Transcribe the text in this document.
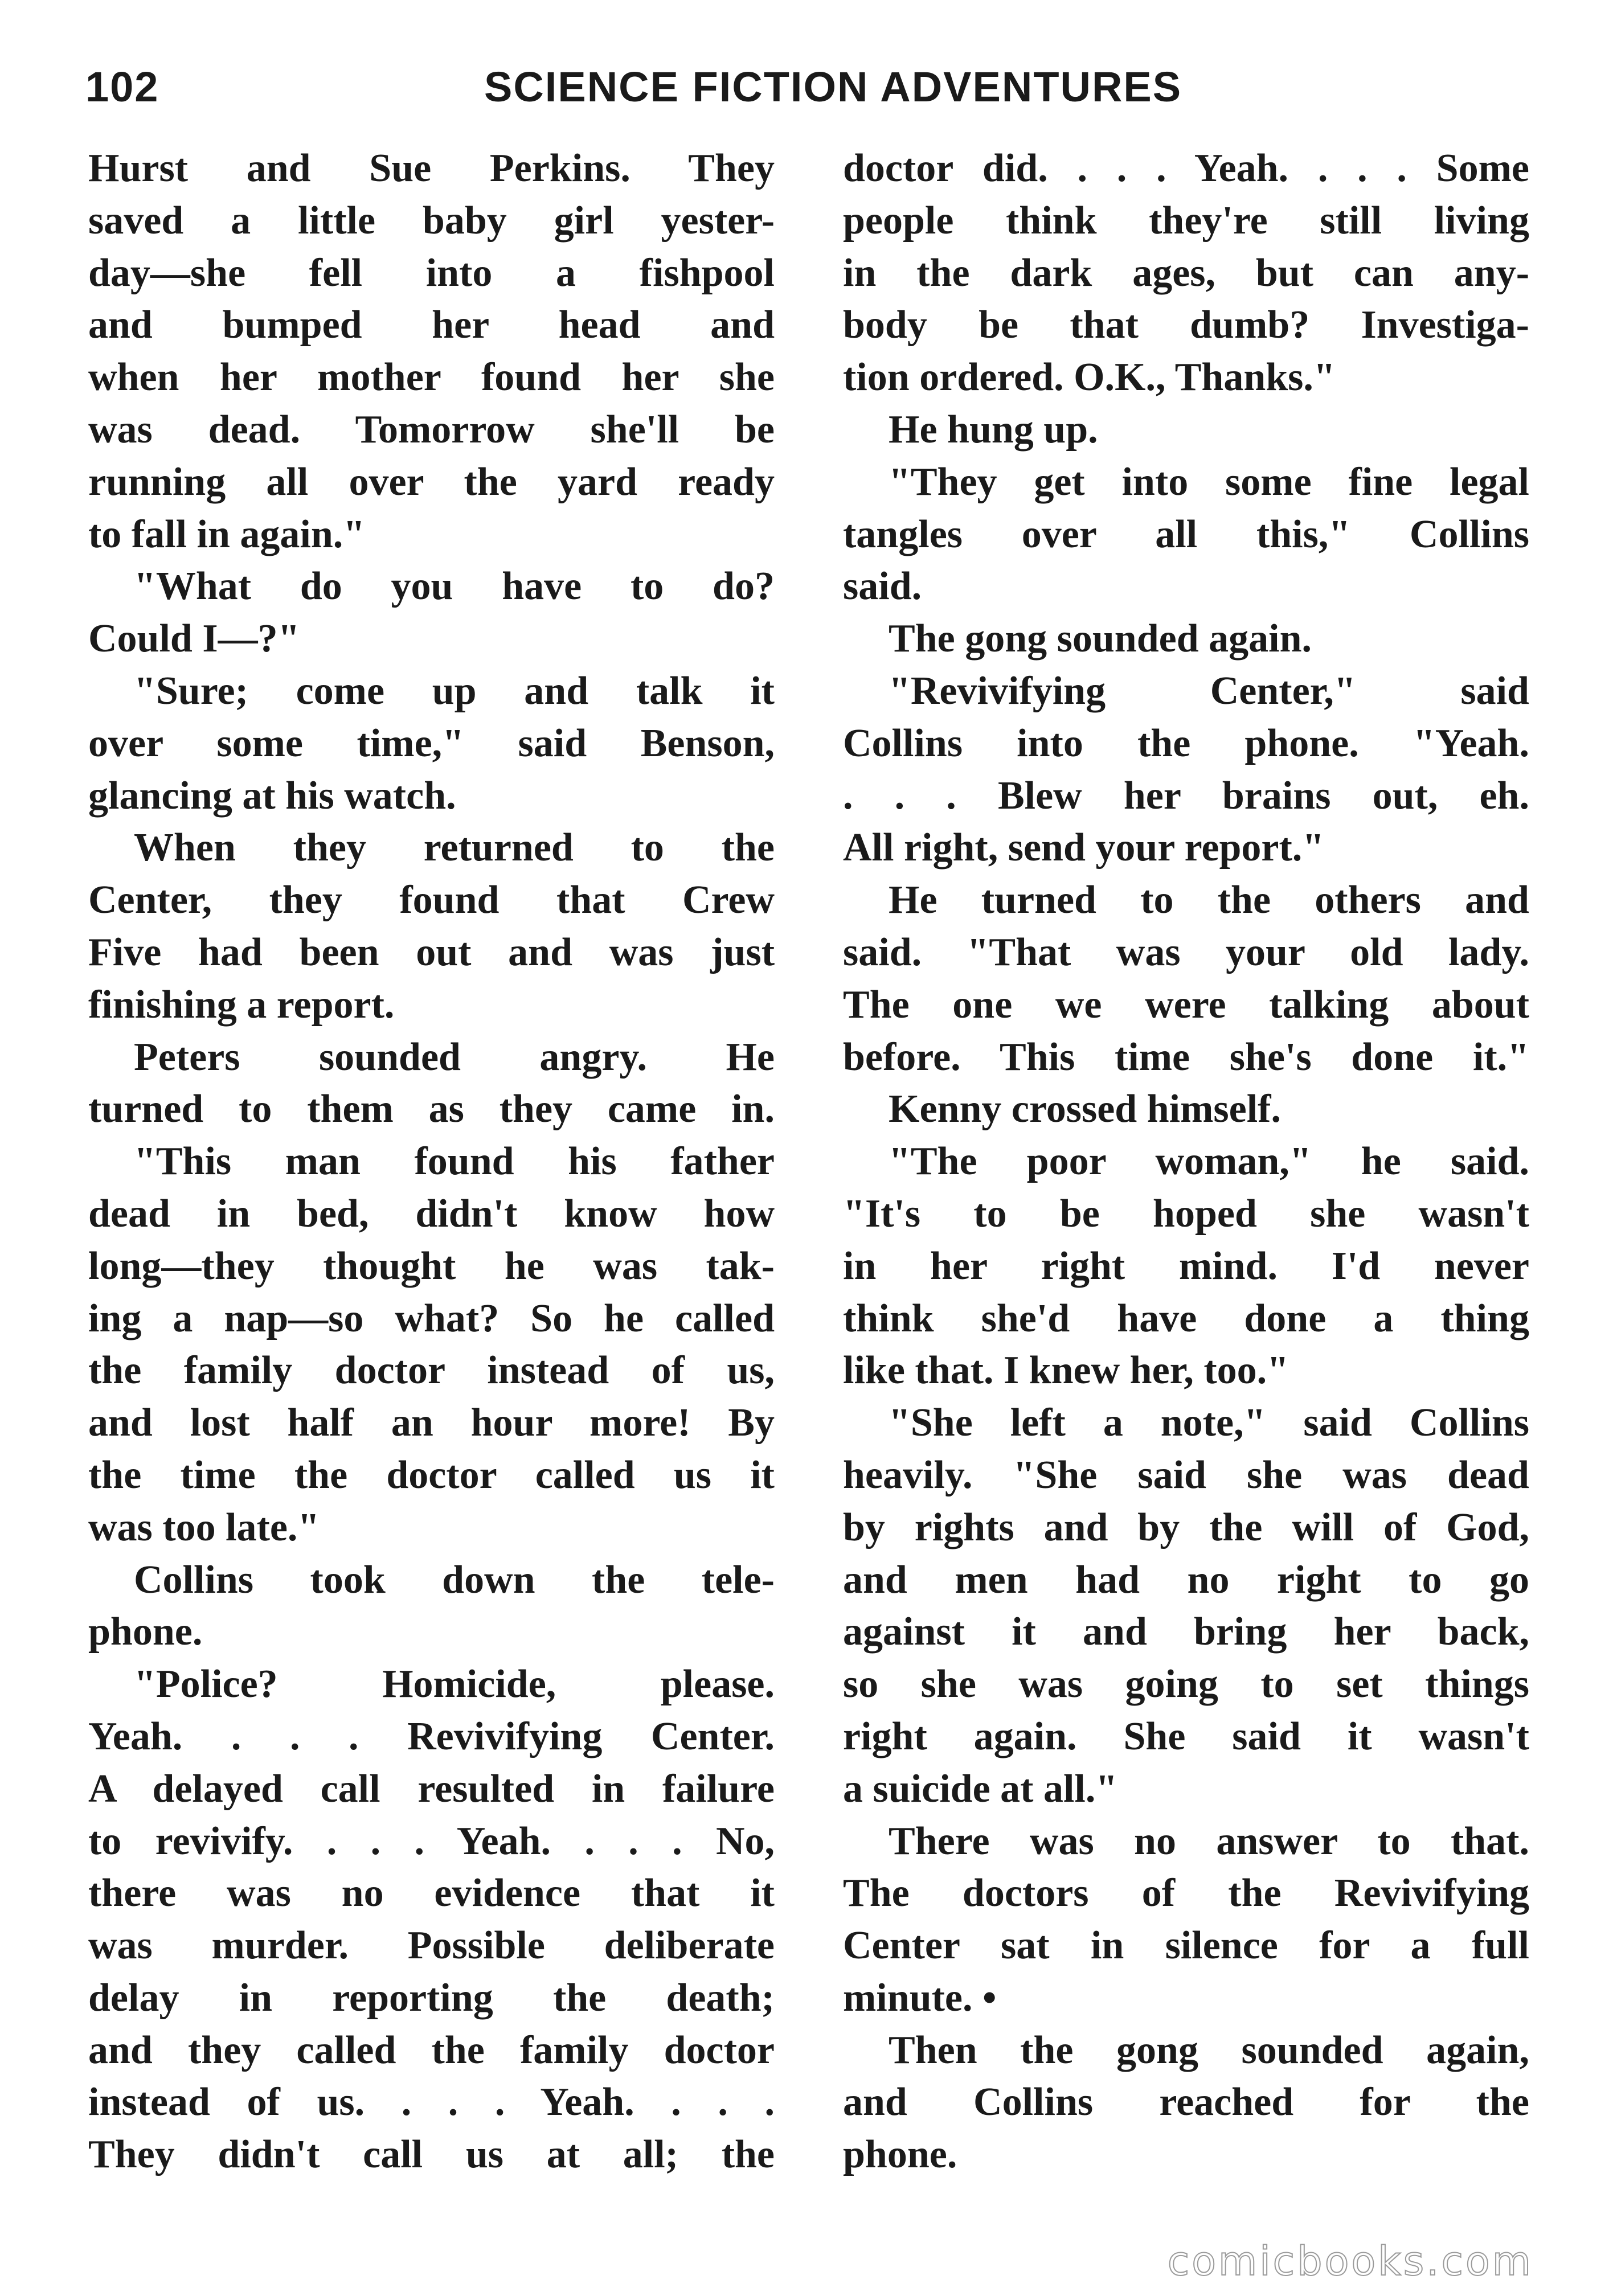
102	SCIENCE FICTION ADVENTURES
Hurst and Sue Perkins. They
saved a little baby girl yester-
day—she fell into a fishpool
and bumped her head and
when her mother found her she
was dead. Tomorrow she'll be
running all over the yard ready
to fall in again."
"What do you have to do?
Could I—?"
"Sure; come up and talk it
over some time," said Benson,
glancing at his watch.
When they returned to the
Center, they found that Crew
Five had been out and was just
finishing a report.
Peters sounded angry. He
turned to them as they came in.
"This man found his father
dead in bed, didn't know how
long—they thought he was tak-
ing a nap—so what? So he called
the family doctor instead of us,
and lost half an hour more! By
the time the doctor called us it
was too late."
Collins took down the tele-
phone.
"Police? Homicide, please.
Yeah. . . . Revivifying Center.
A delayed call resulted in failure
to revivify. . . . Yeah. . . . No,
there was no evidence that it
was murder. Possible deliberate
delay in reporting the death;
and they called the family doctor
instead of us. . . . Yeah. . . .
They didn't call us at all; the
doctor did. . . . Yeah. . . . Some
people think they're still living
in the dark ages, but can any-
body be that dumb? Investiga-
tion ordered. O.K., Thanks."
He hung up.
"They get into some fine legal
tangles over all this," Collins
said.
The gong sounded again.
"Revivifying Center," said
Collins into the phone. "Yeah.
. . . Blew her brains out, eh.
All right, send your report."
He turned to the others and
said. "That was your old lady.
The one we were talking about
before. This time she's done it."
Kenny crossed himself.
"The poor woman," he said.
"It's to be hoped she wasn't
in her right mind. I'd never
think she'd have done a thing
like that. I knew her, too."
"She left a note," said Collins
heavily. "She said she was dead
by rights and by the will of God,
and men had no right to go
against it and bring her back,
so she was going to set things
right again. She said it wasn't
a suicide at all."
There was no answer to that.
The doctors of the Revivifying
Center sat in silence for a full
minute. •
Then the gong sounded again,
and Collins reached for the
phone.
comicbooks.com
